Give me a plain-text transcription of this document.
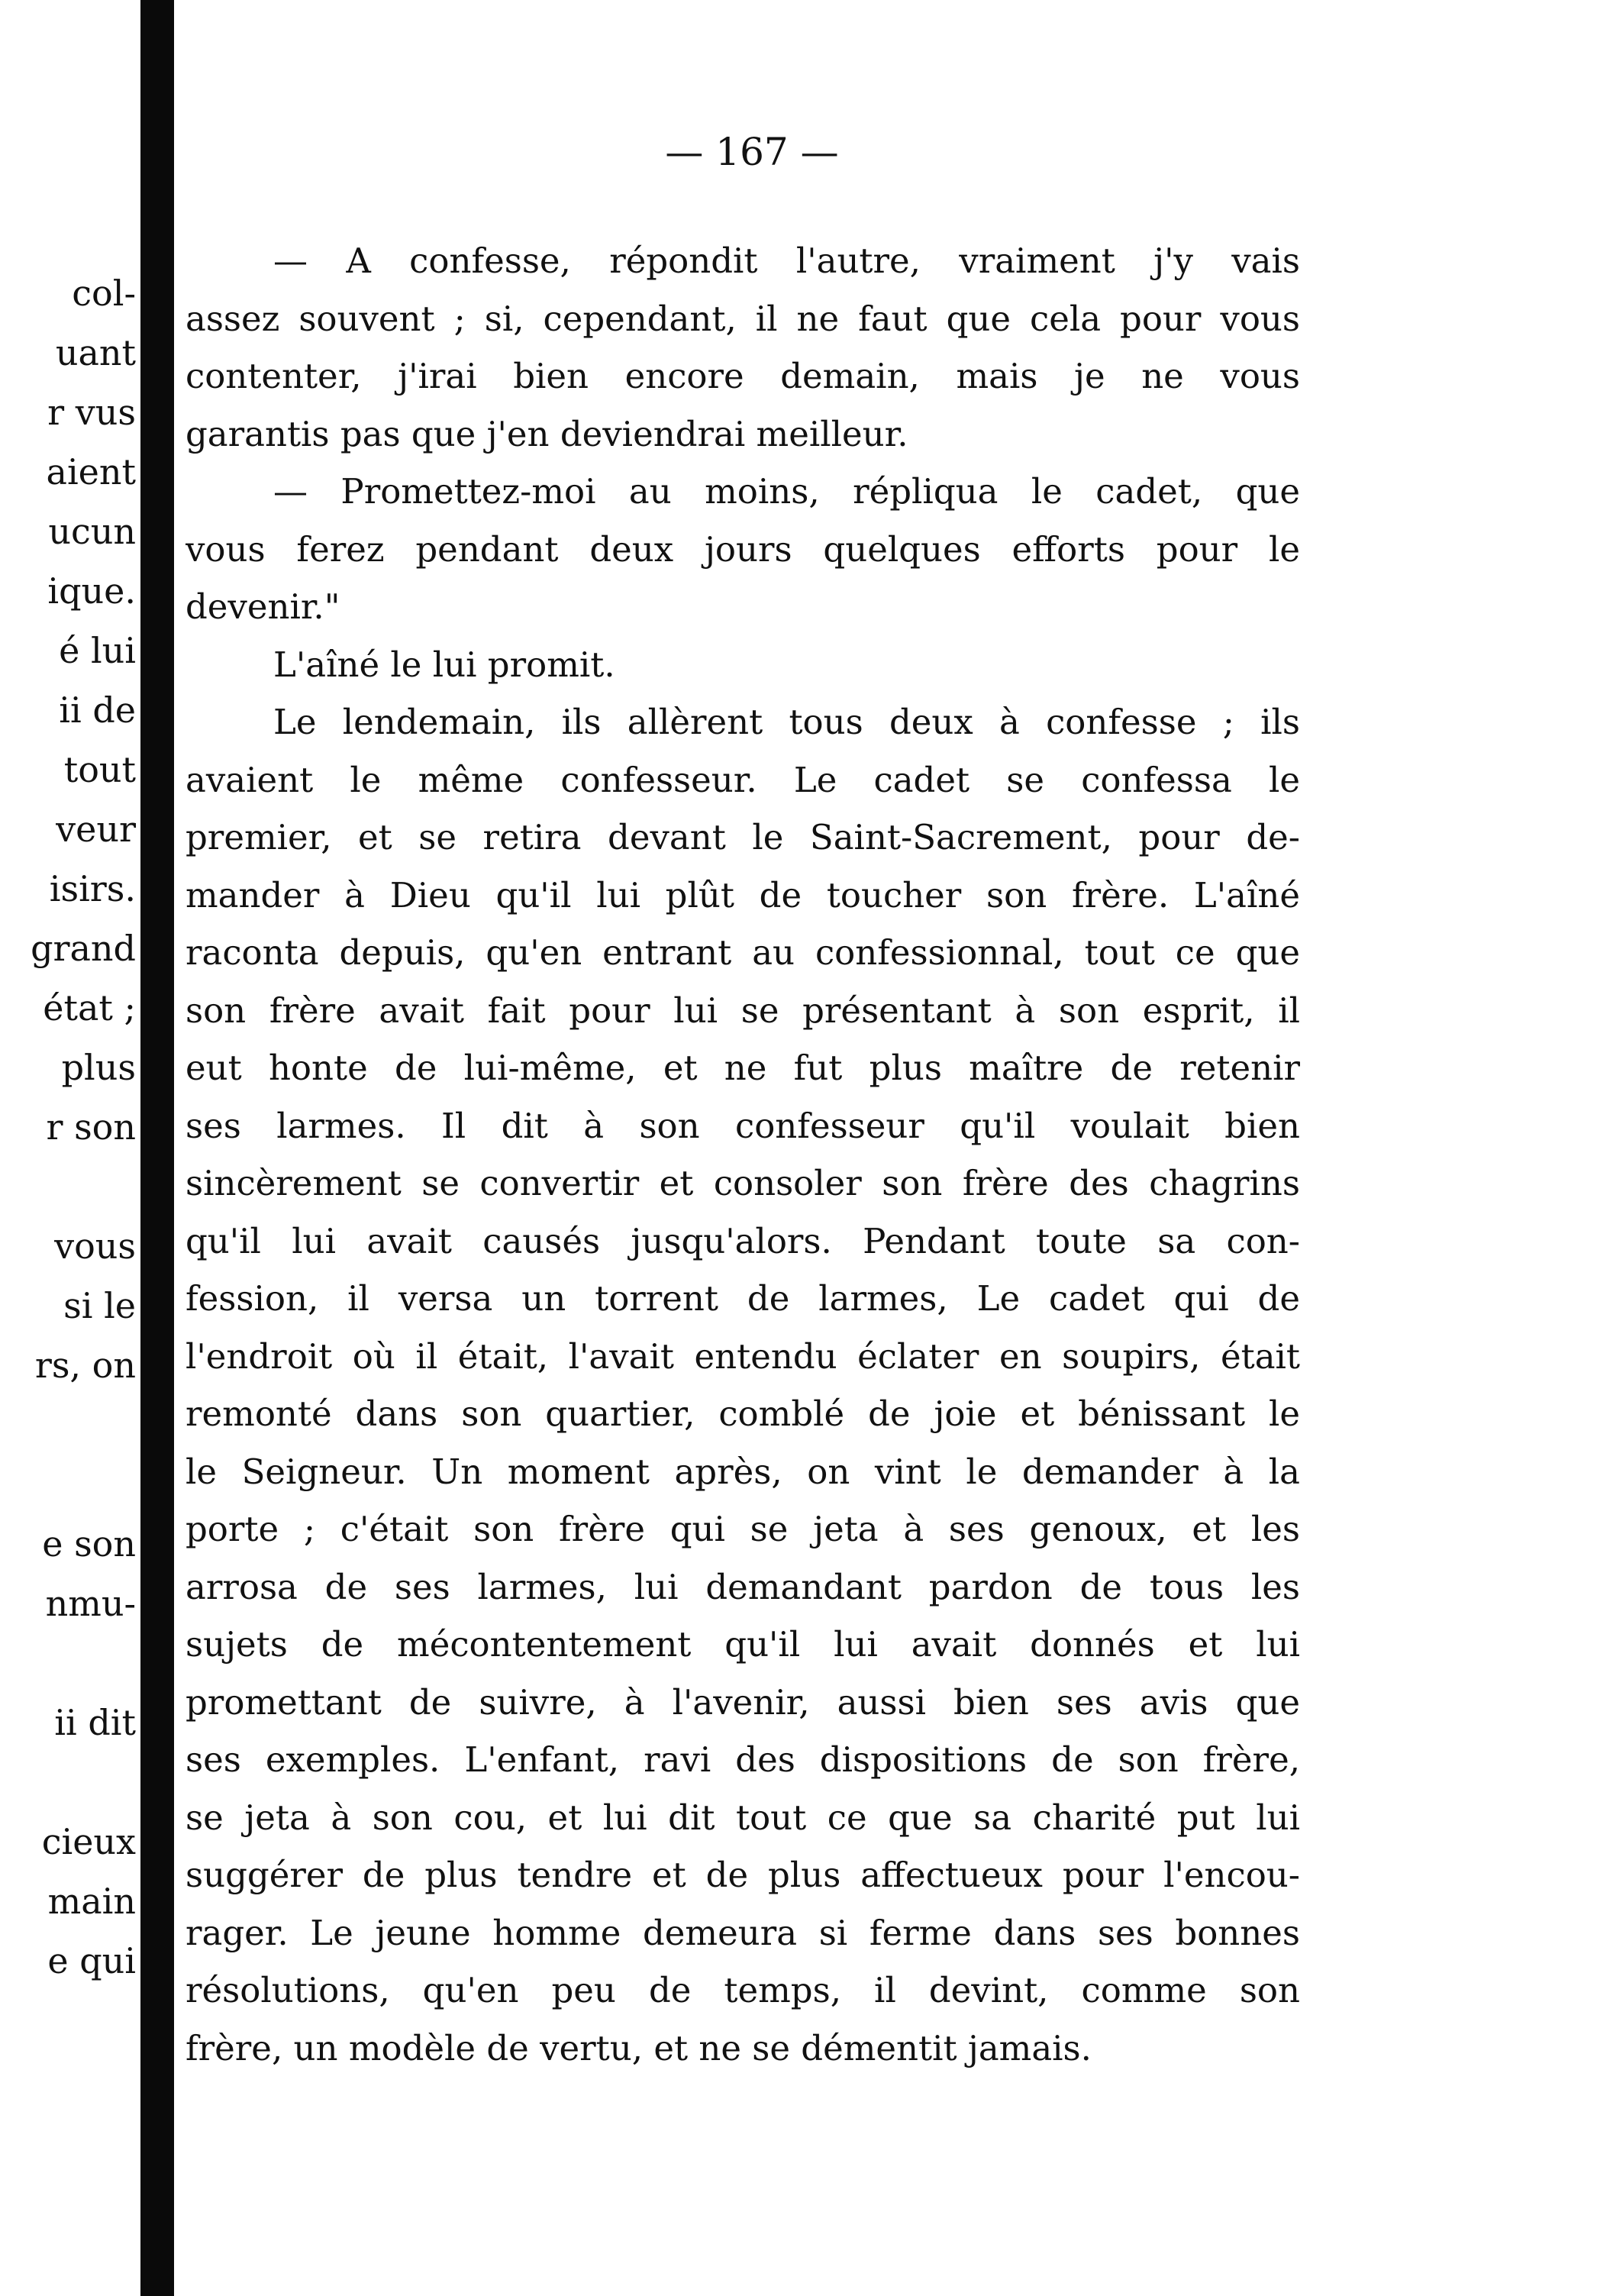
col-
uant
r vus
aient
ucun
ique.
é lui
ii de
tout
veur
isirs.
grand
état ;
plus
r son
vous
si le
rs, on
e son
nmu-
ii dit
cieux
main
e qui
— 167 —
— A confesse, répondit l'autre, vraiment j'y vais
assez souvent ; si, cependant, il ne faut que cela pour vous
contenter, j'irai bien encore demain, mais je ne vous
garantis pas que j'en deviendrai meilleur.
— Promettez-moi au moins, répliqua le cadet, que
vous ferez pendant deux jours quelques efforts pour le
devenir."
L'aîné le lui promit.
Le lendemain, ils allèrent tous deux à confesse ; ils
avaient le même confesseur. Le cadet se confessa le
premier, et se retira devant le Saint-Sacrement, pour de-
mander à Dieu qu'il lui plût de toucher son frère. L'aîné
raconta depuis, qu'en entrant au confessionnal, tout ce que
son frère avait fait pour lui se présentant à son esprit, il
eut honte de lui-même, et ne fut plus maître de retenir
ses larmes. Il dit à son confesseur qu'il voulait bien
sincèrement se convertir et consoler son frère des chagrins
qu'il lui avait causés jusqu'alors. Pendant toute sa con-
fession, il versa un torrent de larmes, Le cadet qui de
l'endroit où il était, l'avait entendu éclater en soupirs, était
remonté dans son quartier, comblé de joie et bénissant le
le Seigneur. Un moment après, on vint le demander à la
porte ; c'était son frère qui se jeta à ses genoux, et les
arrosa de ses larmes, lui demandant pardon de tous les
sujets de mécontentement qu'il lui avait donnés et lui
promettant de suivre, à l'avenir, aussi bien ses avis que
ses exemples. L'enfant, ravi des dispositions de son frère,
se jeta à son cou, et lui dit tout ce que sa charité put lui
suggérer de plus tendre et de plus affectueux pour l'encou-
rager. Le jeune homme demeura si ferme dans ses bonnes
résolutions, qu'en peu de temps, il devint, comme son
frère, un modèle de vertu, et ne se démentit jamais.
